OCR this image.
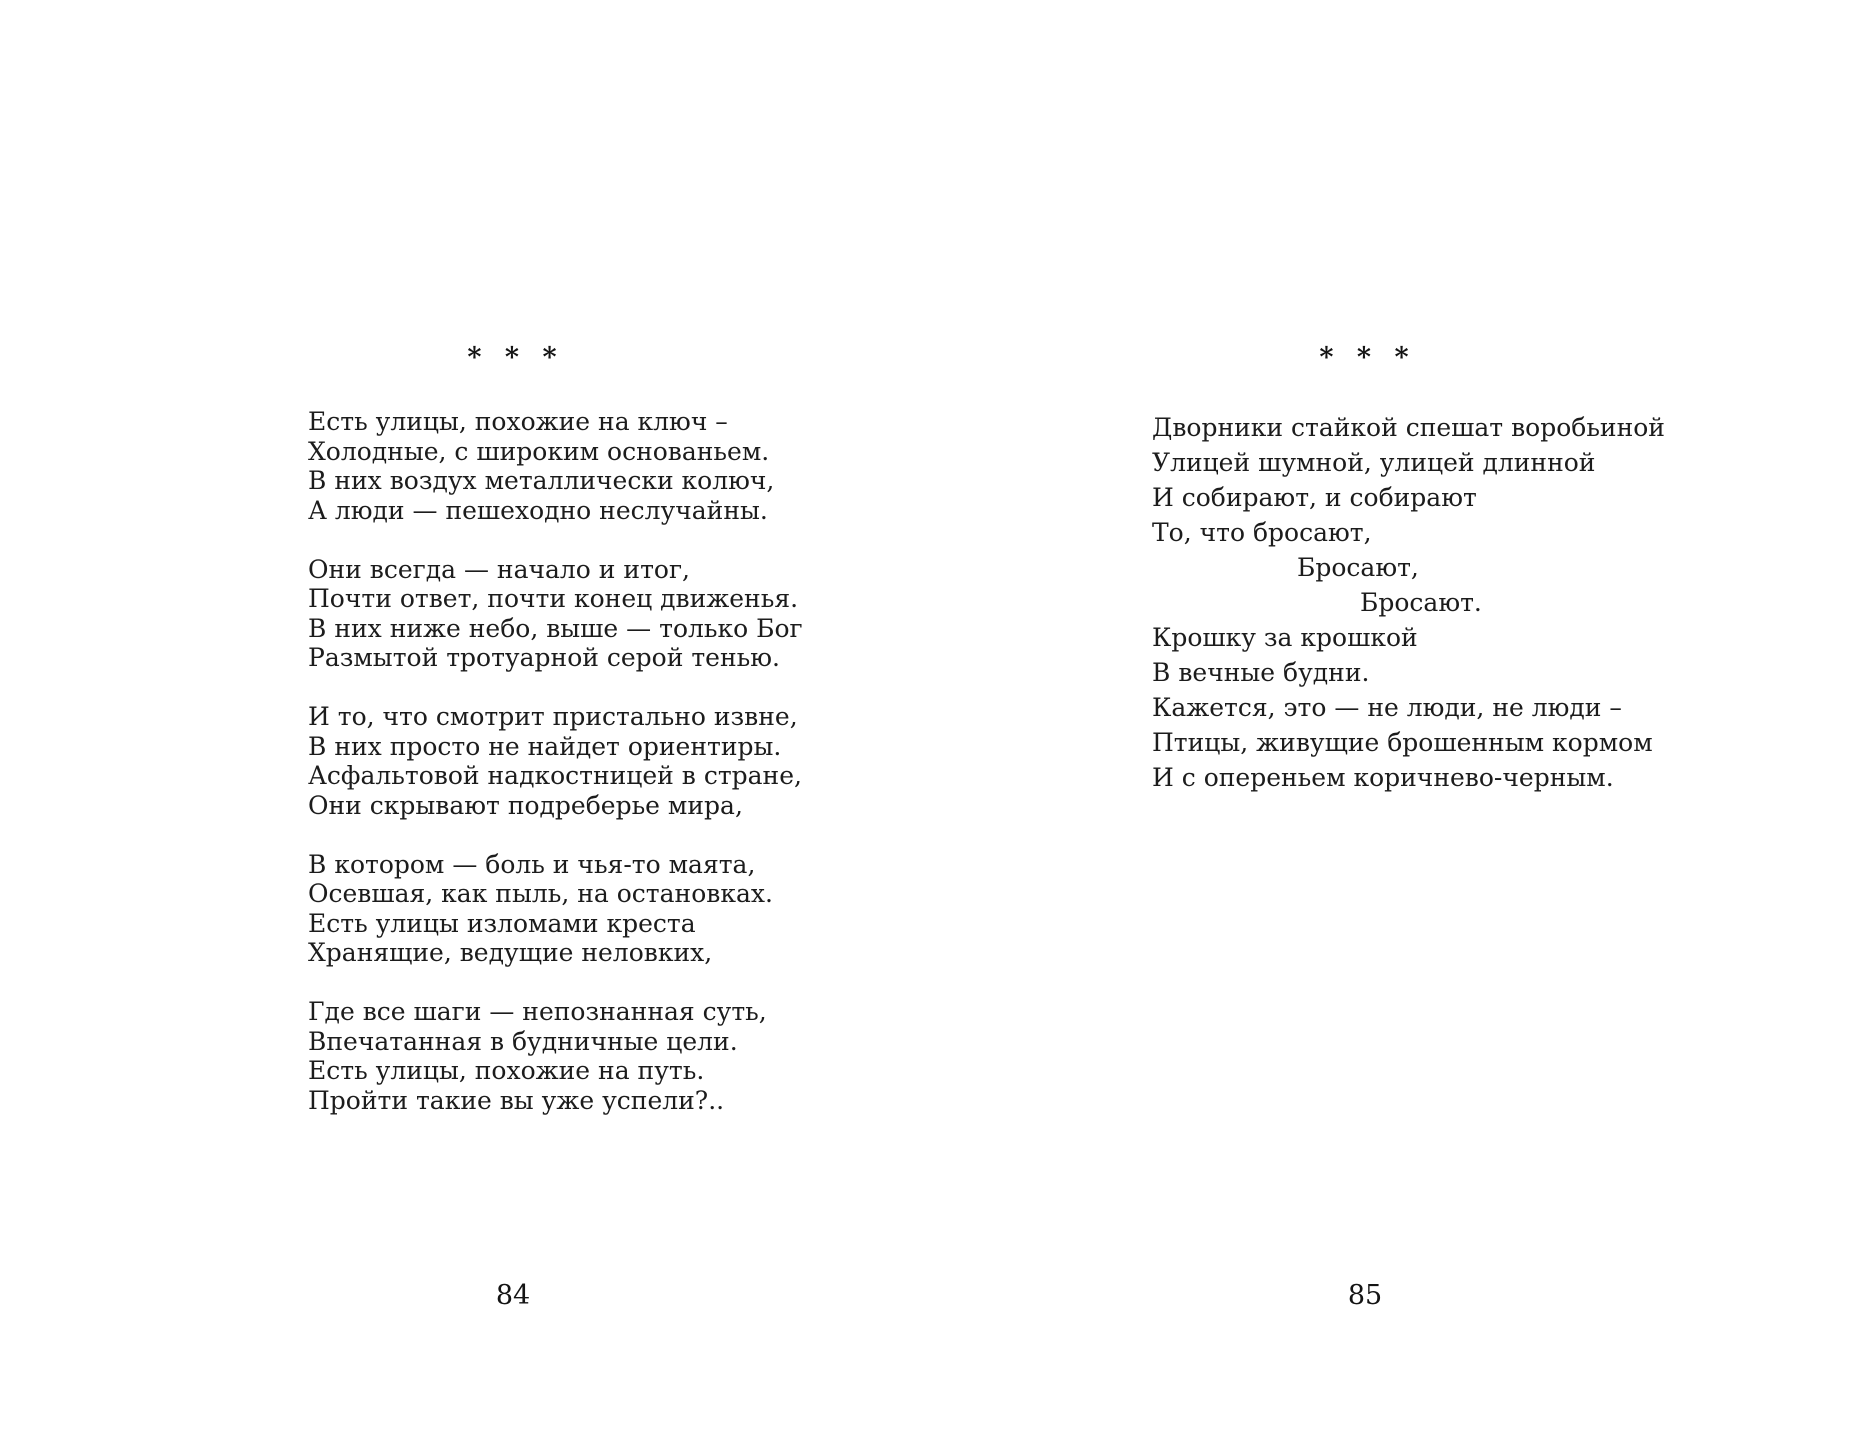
* * *
Есть улицы, похожие на ключ –
Холодные, с широким основаньем.
В них воздух металлически колюч,
А люди — пешеходно неслучайны.
Они всегда — начало и итог,
Почти ответ, почти конец движенья.
В них ниже небо, выше — только Бог
Размытой тротуарной серой тенью.
И то, что смотрит пристально извне,
В них просто не найдет ориентиры.
Асфальтовой надкостницей в стране,
Они скрывают подреберье мира,
В котором — боль и чья-то маята,
Осевшая, как пыль, на остановках.
Есть улицы изломами креста
Хранящие, ведущие неловких,
Где все шаги — непознанная суть,
Впечатанная в будничные цели.
Есть улицы, похожие на путь.
Пройти такие вы уже успели?..
84
* * *
Дворники стайкой спешат воробьиной
Улицей шумной, улицей длинной
И собирают, и собирают
То, что бросают,
Бросают,
Бросают.
Крошку за крошкой
В вечные будни.
Кажется, это — не люди, не люди –
Птицы, живущие брошенным кормом
И с опереньем коричнево-черным.
85
